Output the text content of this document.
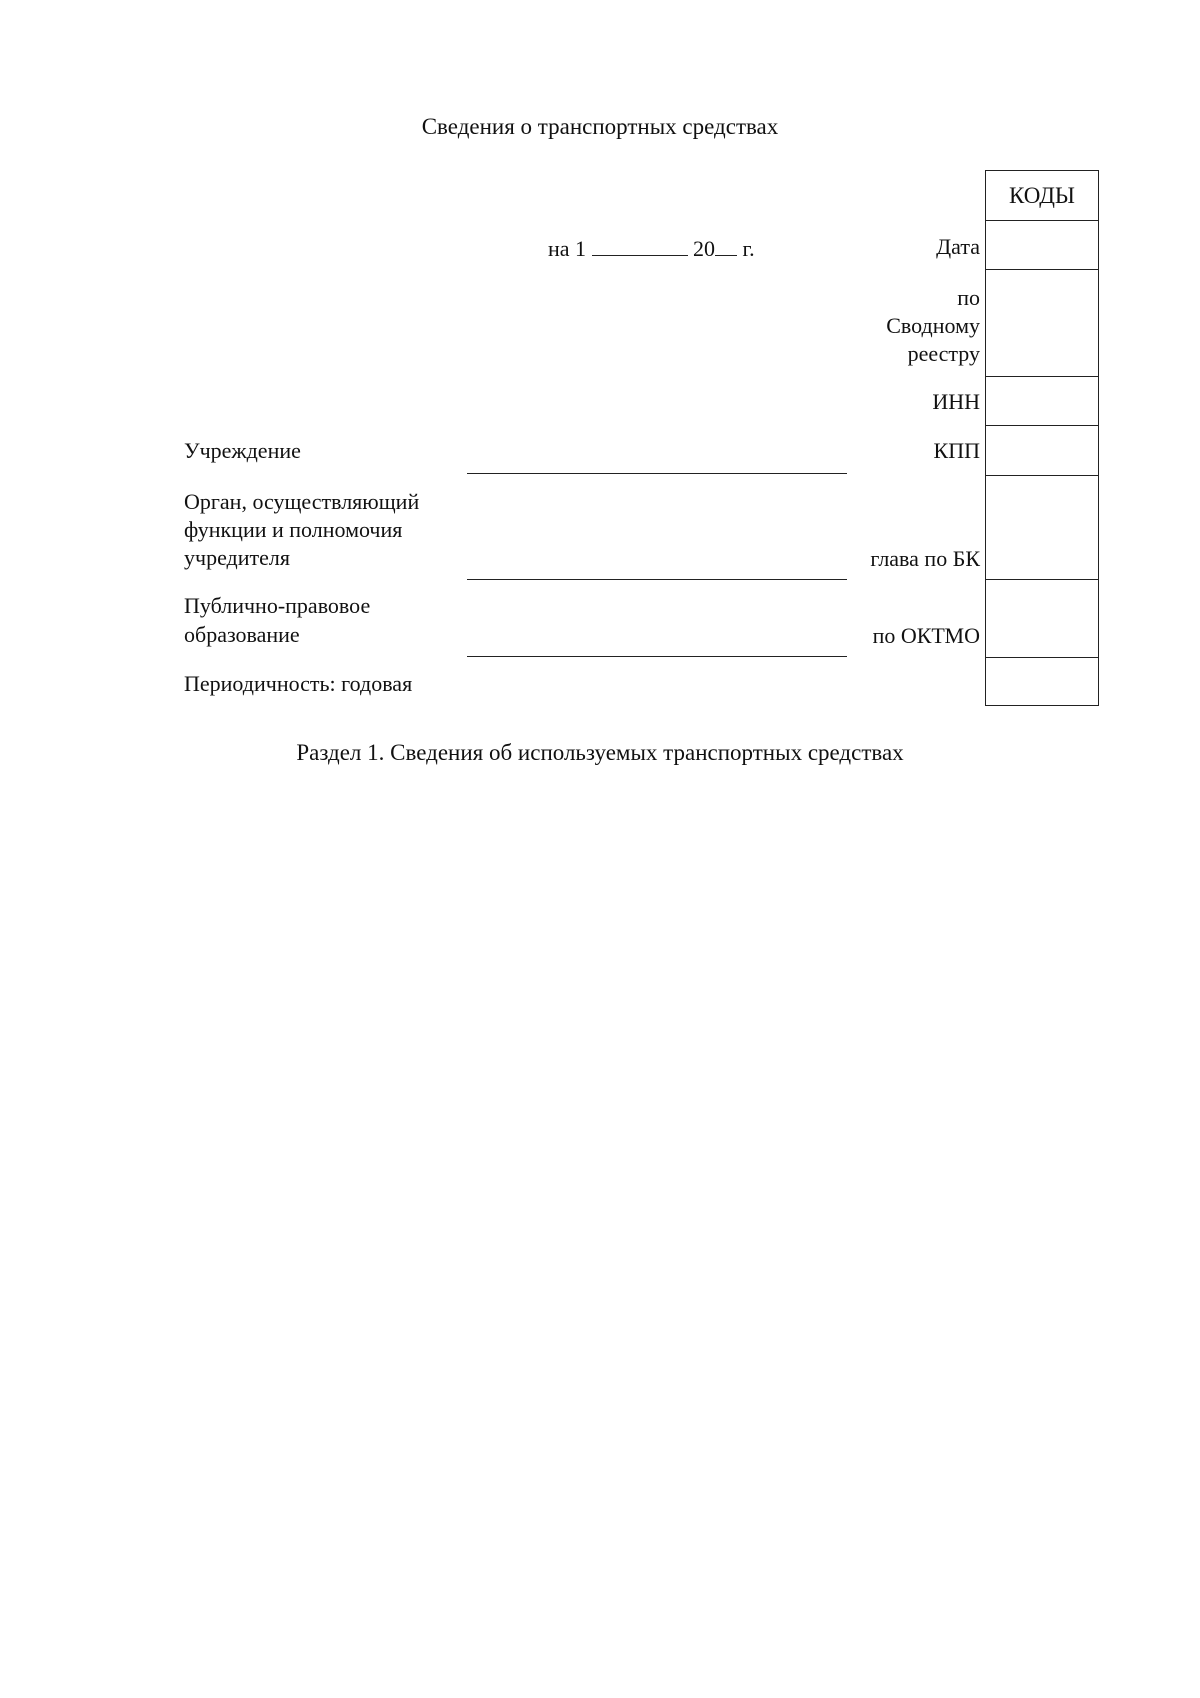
Сведения о транспортных средствах
на 1	20 г.
КОДЫ
Дата
по
Сводному
реестру
ИНН
КПП
глава по БК
по ОКТМО
Учреждение
Орган, осуществляющий
функции и полномочия
учредителя
Публично-правовое
образование
Периодичность: годовая
Раздел 1. Сведения об используемых транспортных средствах
